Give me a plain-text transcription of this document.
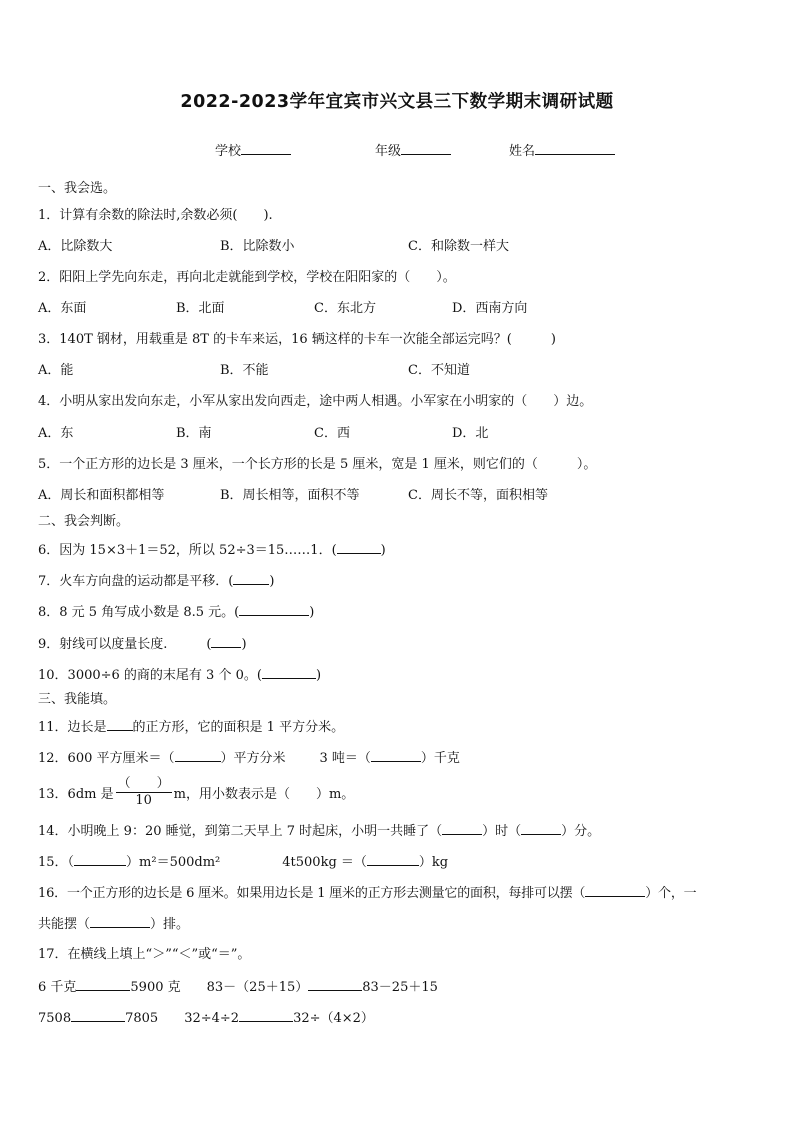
2022-2023学年宜宾市兴文县三下数学期末调研试题
学校	年级	姓名
一、我会选。
1．计算有余数的除法时,余数必须(　　).
A．比除数大	B．比除数小	C．和除数一样大
2．阳阳上学先向东走，再向北走就能到学校，学校在阳阳家的（　　）。
A．东面	B．北面	C．东北方	D．西南方向
3．140T 钢材，用载重是 8T 的卡车来运，16 辆这样的卡车一次能全部运完吗？(　　　)
A．能	B．不能	C．不知道
4．小明从家出发向东走，小军从家出发向西走，途中两人相遇。小军家在小明家的（　　）边。
A．东	B．南	C．西	D．北
5．一个正方形的边长是 3 厘米，一个长方形的长是 5 厘米，宽是 1 厘米，则它们的（　　　）。
A．周长和面积都相等	B．周长相等，面积不等	C．周长不等，面积相等
二、我会判断。
6．因为 15×3＋1＝52，所以 52÷3＝15……1．(	)
7．火车方向盘的运动都是平移．(	)
8．8 元 5 角写成小数是 8.5 元。(	)
9．射线可以度量长度.　　　( )
10．3000÷6 的商的末尾有 3 个 0。(	)
三、我能填。
11．边长是 的正方形，它的面积是 1 平方分米。
12．600 平方厘米＝（	）平方分米	3 吨＝（	）千克
13．6dm 是 $\frac{( )}{10}$ m，用小数表示是（　　）m。
14．小明晚上 9：20 睡觉，到第二天早上 7 时起床，小明一共睡了（	）时（	）分。
15．（	）m²＝500dm²	4t500kg ＝（	）kg
16．一个正方形的边长是 6 厘米。如果用边长是 1 厘米的正方形去测量它的面积，每排可以摆（	）个，一
共能摆（	）排。
17．在横线上填上“＞”“＜”或“＝”。
6 千克	5900 克 83－（25＋15）	83－25＋15
7508	7805 32÷4÷2	32÷（4×2）
